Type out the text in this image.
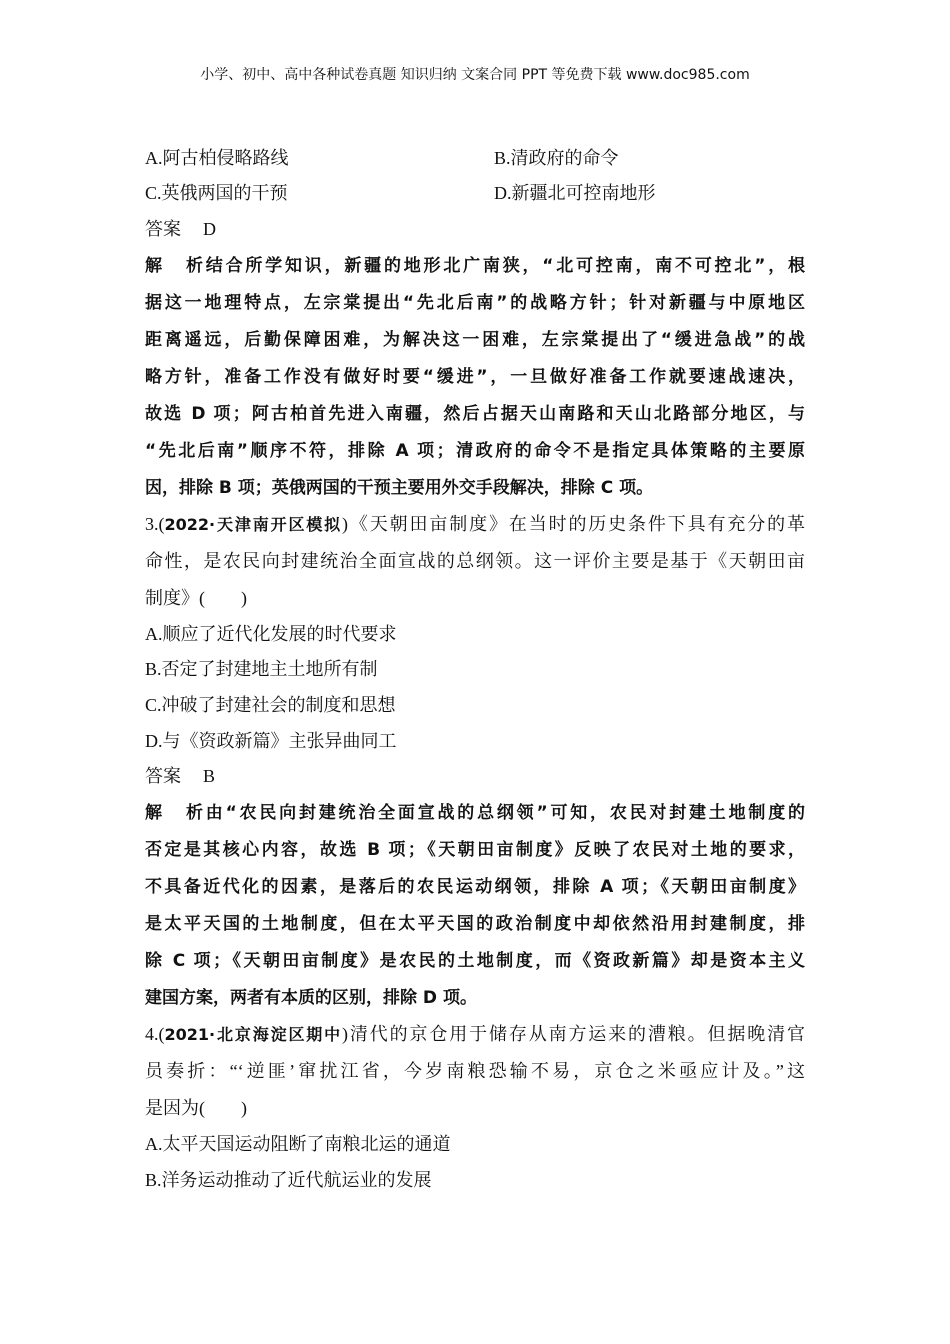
小学、初中、高中各种试卷真题 知识归纳 文案合同 PPT 等免费下载 www.doc985.com
A.阿古柏侵略路线	B.清政府的命令
C.英俄两国的干预	D.新疆北可控南地形
答案 D
解析结合所学知识，新疆的地形北广南狭，“北可控南，南不可控北”，根
据这一地理特点，左宗棠提出“先北后南”的战略方针；针对新疆与中原地区
距离遥远，后勤保障困难，为解决这一困难，左宗棠提出了“缓进急战”的战
略方针，准备工作没有做好时要“缓进”，一旦做好准备工作就要速战速决，
故选 D 项；阿古柏首先进入南疆，然后占据天山南路和天山北路部分地区，与
“先北后南”顺序不符，排除 A 项；清政府的命令不是指定具体策略的主要原
因，排除 B 项；英俄两国的干预主要用外交手段解决，排除 C 项。
3.(2022·天津南开区模拟)《天朝田亩制度》在当时的历史条件下具有充分的革
命性，是农民向封建统治全面宣战的总纲领。这一评价主要是基于《天朝田亩
制度》(　　)
A.顺应了近代化发展的时代要求
B.否定了封建地主土地所有制
C.冲破了封建社会的制度和思想
D.与《资政新篇》主张异曲同工
答案 B
解析由“农民向封建统治全面宣战的总纲领”可知，农民对封建土地制度的
否定是其核心内容，故选 B 项；《天朝田亩制度》反映了农民对土地的要求，
不具备近代化的因素，是落后的农民运动纲领，排除 A 项；《天朝田亩制度》
是太平天国的土地制度，但在太平天国的政治制度中却依然沿用封建制度，排
除 C 项；《天朝田亩制度》是农民的土地制度，而《资政新篇》却是资本主义
建国方案，两者有本质的区别，排除 D 项。
4.(2021·北京海淀区期中)清代的京仓用于储存从南方运来的漕粮。但据晚清官
员奏折：“‘逆匪’窜扰江省，今岁南粮恐输不易，京仓之米亟应计及。”这
是因为(　　)
A.太平天国运动阻断了南粮北运的通道
B.洋务运动推动了近代航运业的发展
